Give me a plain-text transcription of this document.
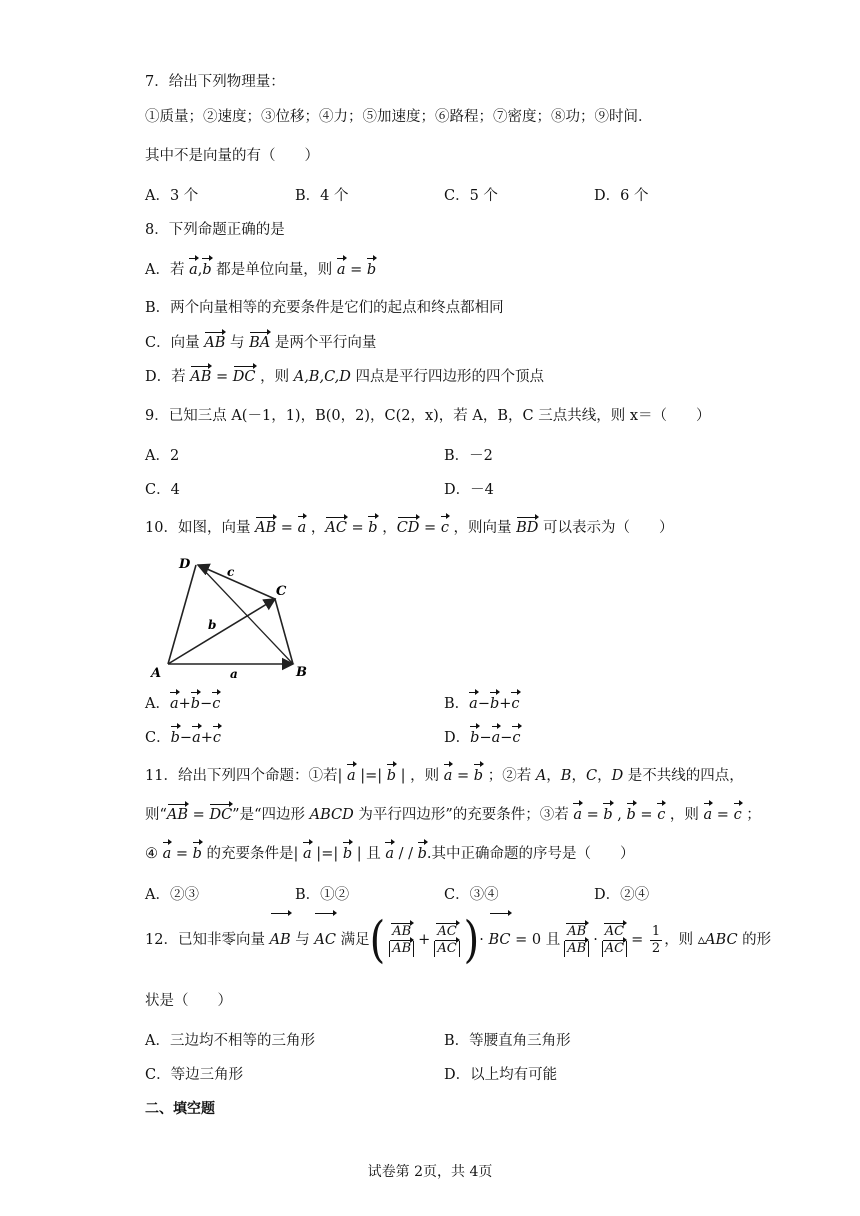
7．给出下列物理量：
①质量；②速度；③位移；④力；⑤加速度；⑥路程；⑦密度；⑧功；⑨时间．
其中不是向量的有（　　）
A．3 个	B．4 个	C．5 个	D．6 个
8．下列命题正确的是
A．若 a,b 都是单位向量，则 a = b
B．两个向量相等的充要条件是它们的起点和终点都相同
C．向量 AB 与 BA 是两个平行向量
D．若 AB = DC ，则 A,B,C,D 四点是平行四边形的四个顶点
9．已知三点 A(－1，1)，B(0，2)，C(2，x)，若 A，B，C 三点共线，则 x＝（　　）
A．2	B．－2
C．4	D．－4
10．如图，向量 AB = a ，AC = b ，CD = c ，则向量 BD 可以表示为（　　）
D	c
C
b
A	a	B
A．a+b−c	B．a−b+c
C．b−a+c	D．b−a−c
11．给出下列四个命题：①若| a |=| b | ，则 a = b ；②若 A，B，C，D 是不共线的四点，
则“AB = DC”是“四边形 ABCD 为平行四边形”的充要条件；③若 a = b , b = c ，则 a = c ；
④ a = b 的充要条件是| a |=| b | 且 a / / b.其中正确命题的序号是（　　）
A．②③	B．①②	C．③④	D．②④
12．已知非零向量 AB 与 AC 满足( $\frac{AB}{AB} + \frac{AC}{AC}$ )· BC = 0 且 $\frac{AB}{AB} \cdot \frac{AC}{AC} = \frac{1}{2}$ ，则 ▵ABC 的形
状是（　　）
A．三边均不相等的三角形	B．等腰直角三角形
C．等边三角形	D．以上均有可能
二、填空题
试卷第 2页，共 4页
